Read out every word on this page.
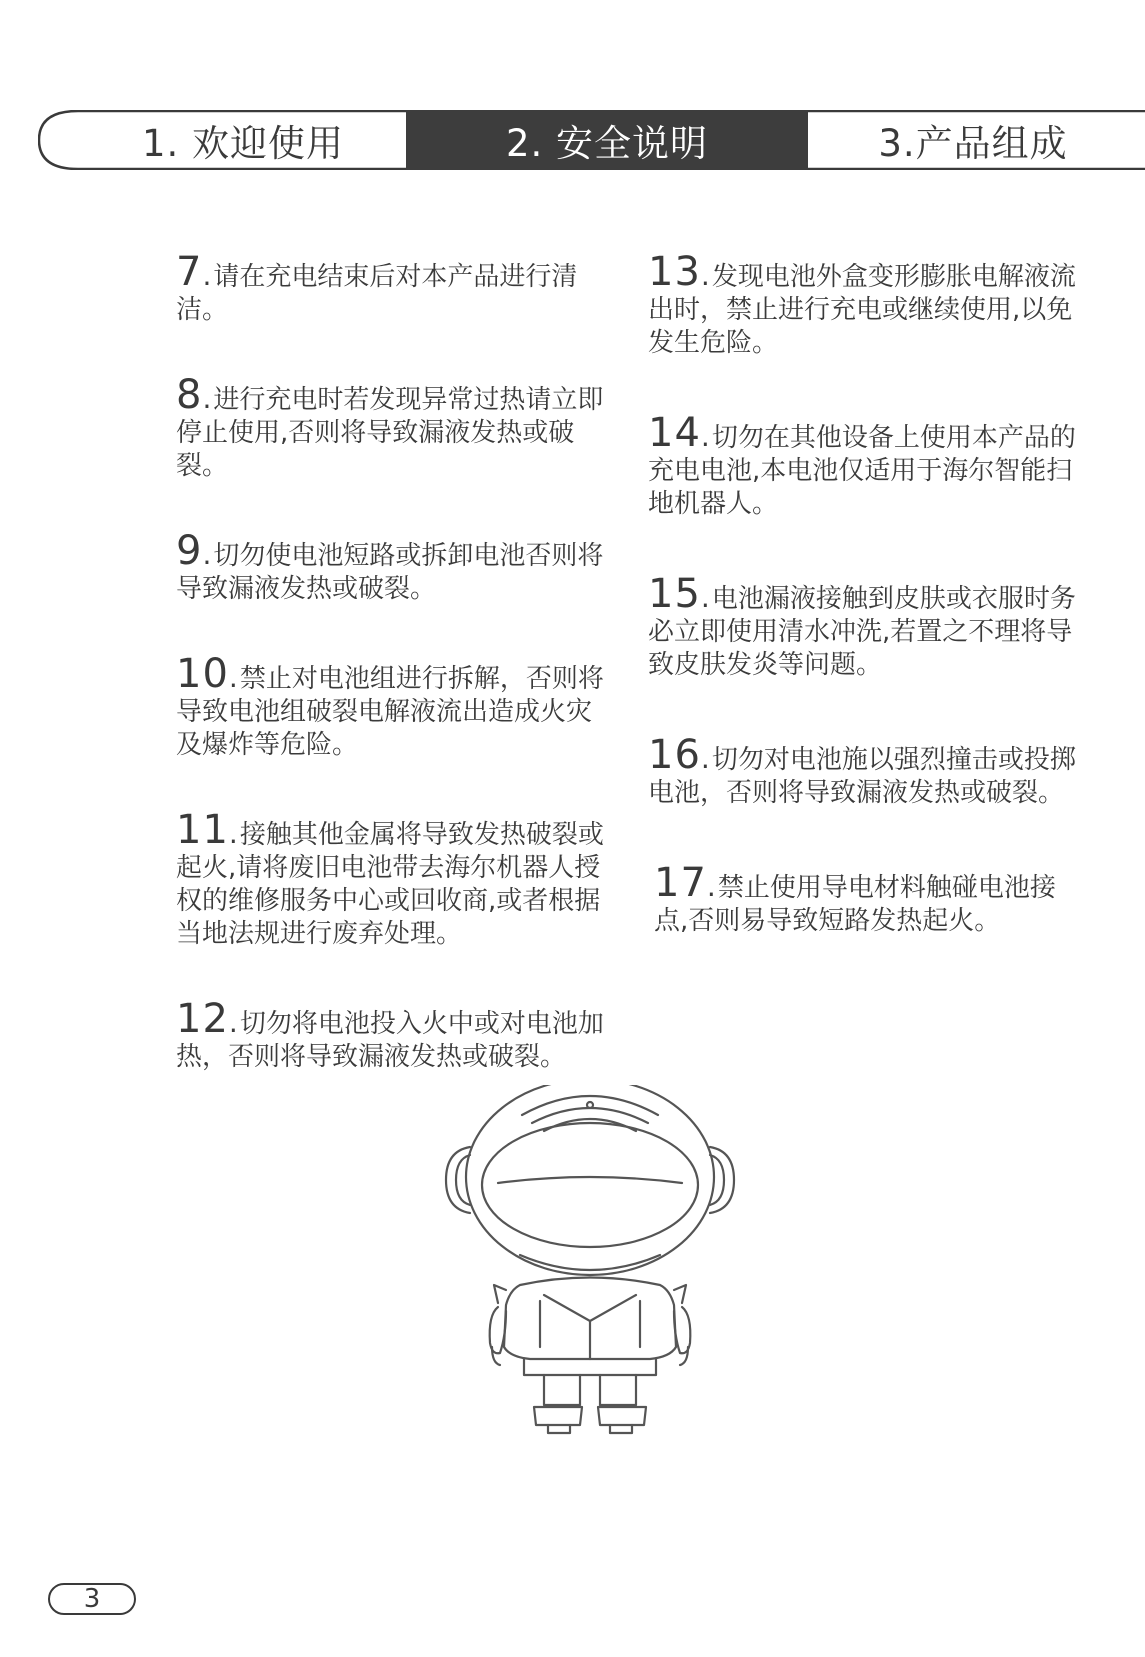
1. 欢迎使用	2. 安全说明	3.产品组成
7.请在充电结束后对本产品进行清洁。
8.进行充电时若发现异常过热请立即停止使用,否则将导致漏液发热或破裂。
9.切勿使电池短路或拆卸电池否则将导致漏液发热或破裂。
10.禁止对电池组进行拆解，否则将导致电池组破裂电解液流出造成火灾及爆炸等危险。
11.接触其他金属将导致发热破裂或起火,请将废旧电池带去海尔机器人授权的维修服务中心或回收商,或者根据当地法规进行废弃处理。
12.切勿将电池投入火中或对电池加热，否则将导致漏液发热或破裂。
13.发现电池外盒变形膨胀电解液流出时，禁止进行充电或继续使用,以免发生危险。
14.切勿在其他设备上使用本产品的充电电池,本电池仅适用于海尔智能扫地机器人。
15.电池漏液接触到皮肤或衣服时务必立即使用清水冲洗,若置之不理将导致皮肤发炎等问题。
16.切勿对电池施以强烈撞击或投掷电池，否则将导致漏液发热或破裂。
17.禁止使用导电材料触碰电池接点,否则易导致短路发热起火。
3
